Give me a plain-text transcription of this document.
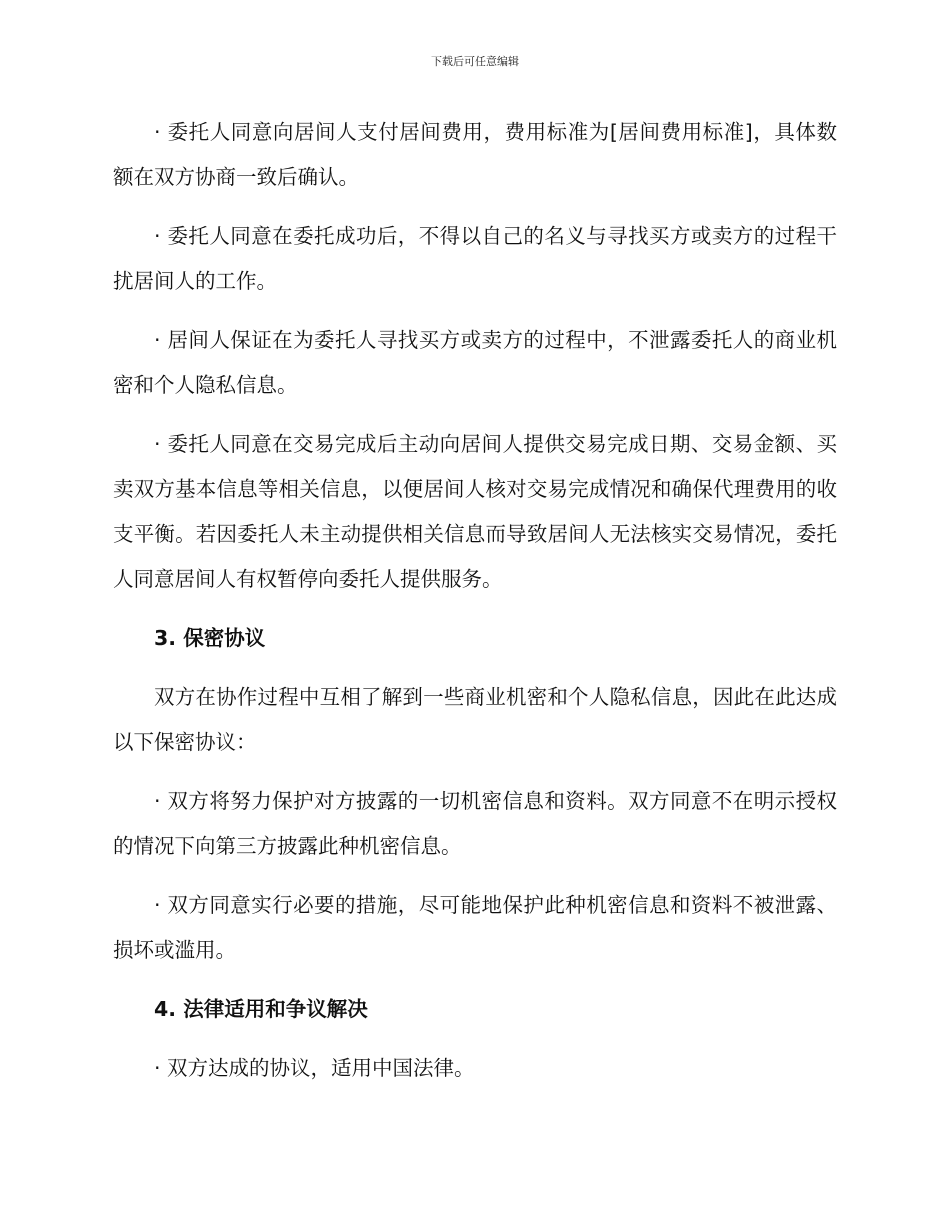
下载后可任意编辑

· 委托人同意向居间人支付居间费用，费用标准为[居间费用标准]，具体数额在双方协商一致后确认。

· 委托人同意在委托成功后，不得以自己的名义与寻找买方或卖方的过程干扰居间人的工作。

· 居间人保证在为委托人寻找买方或卖方的过程中，不泄露委托人的商业机密和个人隐私信息。

· 委托人同意在交易完成后主动向居间人提供交易完成日期、交易金额、买卖双方基本信息等相关信息，以便居间人核对交易完成情况和确保代理费用的收支平衡。若因委托人未主动提供相关信息而导致居间人无法核实交易情况，委托人同意居间人有权暂停向委托人提供服务。

3. 保密协议

双方在协作过程中互相了解到一些商业机密和个人隐私信息，因此在此达成以下保密协议：

· 双方将努力保护对方披露的一切机密信息和资料。双方同意不在明示授权的情况下向第三方披露此种机密信息。

· 双方同意实行必要的措施，尽可能地保护此种机密信息和资料不被泄露、损坏或滥用。

4. 法律适用和争议解决

· 双方达成的协议，适用中国法律。
